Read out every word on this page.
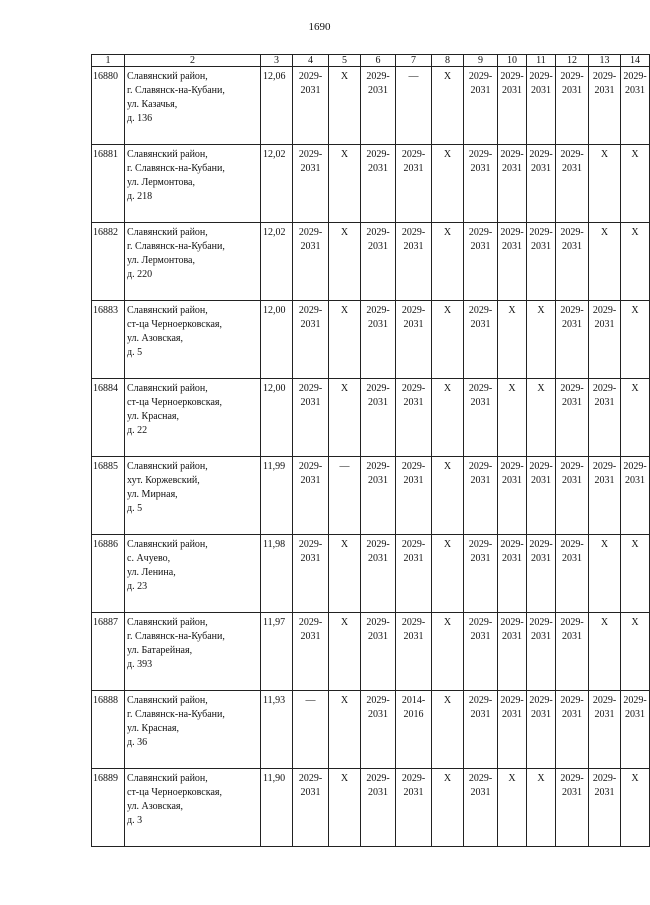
1690
1	2	3	4	5	6	7	8	9	10	11	12	13	14
16880	Славянский район,
г. Славянск-на-Кубани,
ул. Казачья,
д. 136	12,06	2029-
2031	Х	2029-
2031	—	Х	2029-
2031	2029-
2031	2029-
2031	2029-
2031	2029-
2031	2029-
2031
16881	Славянский район,
г. Славянск-на-Кубани,
ул. Лермонтова,
д. 218	12,02	2029-
2031	Х	2029-
2031	2029-
2031	Х	2029-
2031	2029-
2031	2029-
2031	2029-
2031	Х	Х
16882	Славянский район,
г. Славянск-на-Кубани,
ул. Лермонтова,
д. 220	12,02	2029-
2031	Х	2029-
2031	2029-
2031	Х	2029-
2031	2029-
2031	2029-
2031	2029-
2031	Х	Х
16883	Славянский район,
ст-ца Черноерковская,
ул. Азовская,
д. 5	12,00	2029-
2031	Х	2029-
2031	2029-
2031	Х	2029-
2031	Х	Х	2029-
2031	2029-
2031	Х
16884	Славянский район,
ст-ца Черноерковская,
ул. Красная,
д. 22	12,00	2029-
2031	Х	2029-
2031	2029-
2031	Х	2029-
2031	Х	Х	2029-
2031	2029-
2031	Х
16885	Славянский район,
хут. Коржевский,
ул. Мирная,
д. 5	11,99	2029-
2031	—	2029-
2031	2029-
2031	Х	2029-
2031	2029-
2031	2029-
2031	2029-
2031	2029-
2031	2029-
2031
16886	Славянский район,
с. Ачуево,
ул. Ленина,
д. 23	11,98	2029-
2031	Х	2029-
2031	2029-
2031	Х	2029-
2031	2029-
2031	2029-
2031	2029-
2031	Х	Х
16887	Славянский район,
г. Славянск-на-Кубани,
ул. Батарейная,
д. 393	11,97	2029-
2031	Х	2029-
2031	2029-
2031	Х	2029-
2031	2029-
2031	2029-
2031	2029-
2031	Х	Х
16888	Славянский район,
г. Славянск-на-Кубани,
ул. Красная,
д. 36	11,93	—	Х	2029-
2031	2014-
2016	Х	2029-
2031	2029-
2031	2029-
2031	2029-
2031	2029-
2031	2029-
2031
16889	Славянский район,
ст-ца Черноерковская,
ул. Азовская,
д. 3	11,90	2029-
2031	Х	2029-
2031	2029-
2031	Х	2029-
2031	Х	Х	2029-
2031	2029-
2031	Х
